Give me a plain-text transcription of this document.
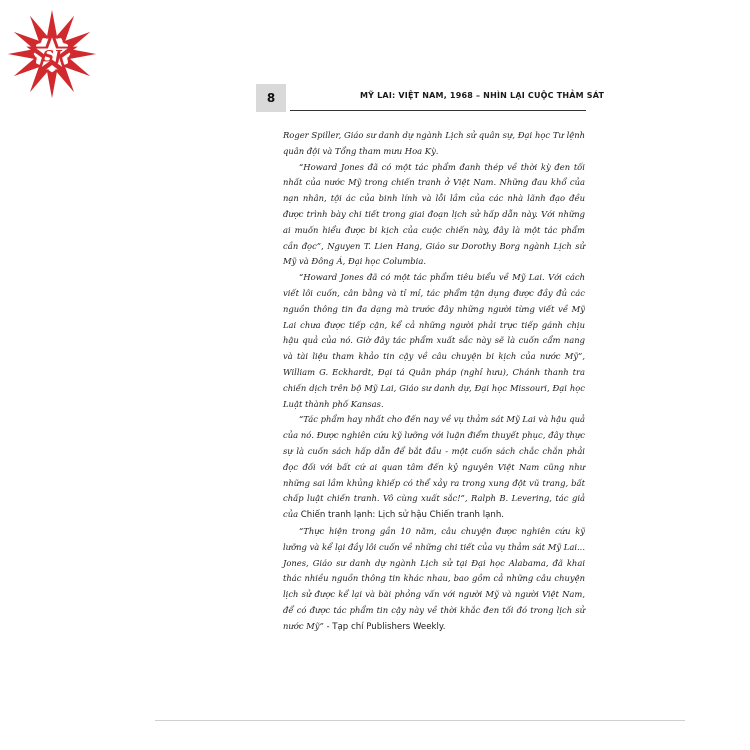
SJ
8	MỸ LAI: VIỆT NAM, 1968 – NHÌN LẠI CUỘC THẢM SÁT

Roger Spiller, Giáo sư danh dự ngành Lịch sử quân sự, Đại học Tư lệnh quân đội và Tổng tham mưu Hoa Kỳ.

“Howard Jones đã có một tác phẩm đanh thép về thời kỳ đen tối nhất của nước Mỹ trong chiến tranh ở Việt Nam. Những đau khổ của nạn nhân, tội ác của binh lính và lỗi lầm của các nhà lãnh đạo đều được trình bày chi tiết trong giai đoạn lịch sử hấp dẫn này. Với những ai muốn hiểu được bi kịch của cuộc chiến này, đây là một tác phẩm cần đọc”, Nguyen T. Lien Hang, Giáo sư Dorothy Borg ngành Lịch sử Mỹ và Đông Á, Đại học Columbia.

“Howard Jones đã có một tác phẩm tiêu biểu về Mỹ Lai. Với cách viết lôi cuốn, cân bằng và tỉ mỉ, tác phẩm tận dụng được đầy đủ các nguồn thông tin đa dạng mà trước đây những người từng viết về Mỹ Lai chưa được tiếp cận, kể cả những người phải trực tiếp gánh chịu hậu quả của nó. Giờ đây tác phẩm xuất sắc này sẽ là cuốn cẩm nang và tài liệu tham khảo tin cậy về câu chuyện bi kịch của nước Mỹ”, William G. Eckhardt, Đại tá Quân pháp (nghỉ hưu), Chánh thanh tra chiến dịch trên bộ Mỹ Lai, Giáo sư danh dự, Đại học Missouri, Đại học Luật thành phố Kansas.

“Tác phẩm hay nhất cho đến nay về vụ thảm sát Mỹ Lai và hậu quả của nó. Được nghiên cứu kỹ lưỡng với luận điểm thuyết phục, đây thực sự là cuốn sách hấp dẫn để bắt đầu - một cuốn sách chắc chắn phải đọc đối với bất cứ ai quan tâm đến kỷ nguyên Việt Nam cũng như những sai lầm khủng khiếp có thể xảy ra trong xung đột vũ trang, bất chấp luật chiến tranh. Vô cùng xuất sắc!”, Ralph B. Levering, tác giả của Chiến tranh lạnh: Lịch sử hậu Chiến tranh lạnh.

“Thực hiện trong gần 10 năm, câu chuyện được nghiên cứu kỹ lưỡng và kể lại đầy lôi cuốn về những chi tiết của vụ thảm sát Mỹ Lai... Jones, Giáo sư danh dự ngành Lịch sử tại Đại học Alabama, đã khai thác nhiều nguồn thông tin khác nhau, bao gồm cả những câu chuyện lịch sử được kể lại và bài phỏng vấn với người Mỹ và người Việt Nam, để có được tác phẩm tin cậy này về thời khắc đen tối đó trong lịch sử nước Mỹ” - Tạp chí Publishers Weekly.
